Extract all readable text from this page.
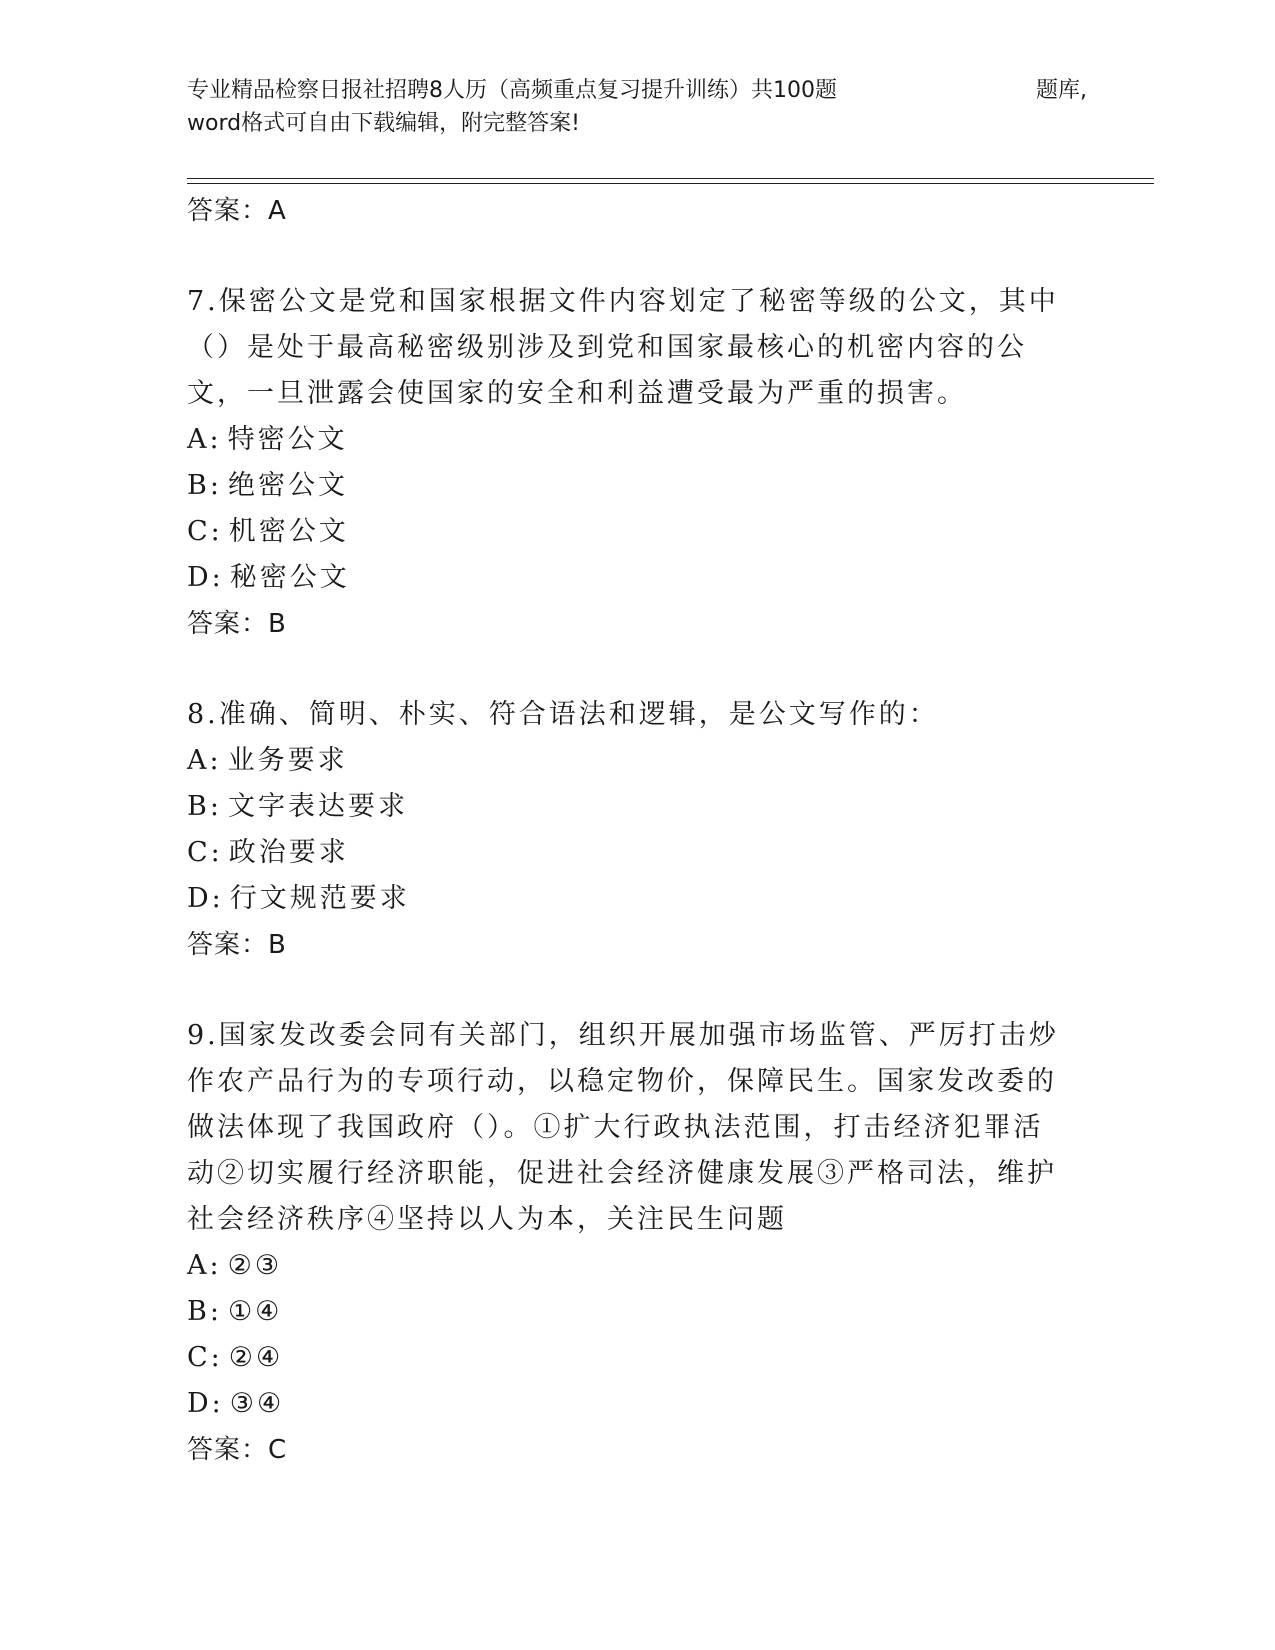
专业精品检察日报社招聘8人历（高频重点复习提升训练）共100题	题库,
word格式可自由下载编辑，附完整答案!

答案：A

7.保密公文是党和国家根据文件内容划定了秘密等级的公文，其中（）是处于最高秘密级别涉及到党和国家最核心的机密内容的公文，一旦泄露会使国家的安全和利益遭受最为严重的损害。

A: 特密公文

B: 绝密公文

C: 机密公文

D: 秘密公文

答案：B

8.准确、简明、朴实、符合语法和逻辑，是公文写作的：

A: 业务要求

B: 文字表达要求

C: 政治要求

D: 行文规范要求

答案：B

9.国家发改委会同有关部门，组织开展加强市场监管、严厉打击炒作农产品行为的专项行动，以稳定物价，保障民生。国家发改委的做法体现了我国政府（）。①扩大行政执法范围，打击经济犯罪活动②切实履行经济职能，促进社会经济健康发展③严格司法，维护社会经济秩序④坚持以人为本，关注民生问题

A: ②③

B: ①④

C: ②④

D: ③④

答案：C
